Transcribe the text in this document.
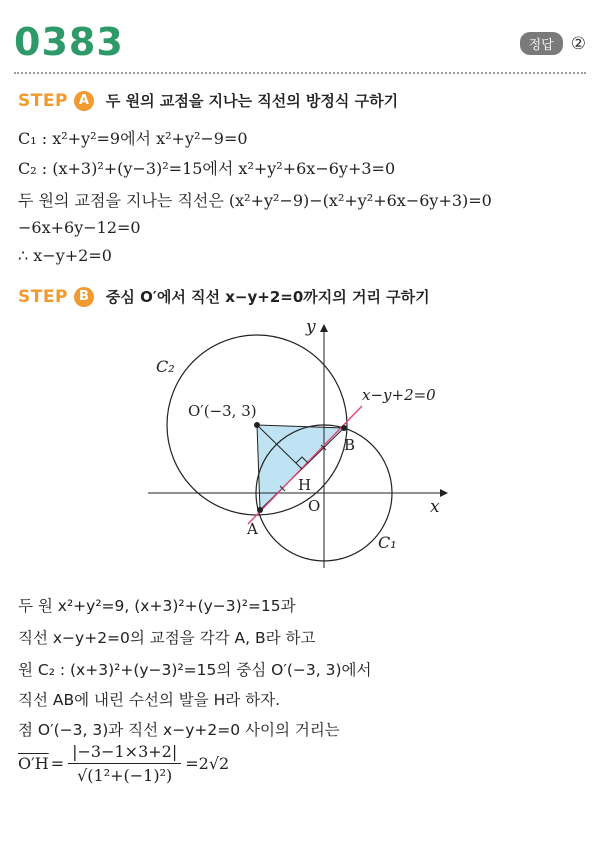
0383	정답	②
STEP A	두 원의 교점을 지나는 직선의 방정식 구하기
C₁ : x²+y²=9에서 x²+y²−9=0
C₂ : (x+3)²+(y−3)²=15에서 x²+y²+6x−6y+3=0
두 원의 교점을 지나는 직선은 (x²+y²−9)−(x²+y²+6x−6y+3)=0
−6x+6y−12=0
∴ x−y+2=0
STEP B	중심 O′에서 직선 x−y+2=0까지의 거리 구하기
C₂
C₁
O′(−3, 3)
x−y+2=0
A
B
H
O	x
y
두 원 x²+y²=9, (x+3)²+(y−3)²=15과
직선 x−y+2=0의 교점을 각각 A, B라 하고
원 C₂ : (x+3)²+(y−3)²=15의 중심 O′(−3, 3)에서
직선 AB에 내린 수선의 발을 H라 하자.
점 O′(−3, 3)과 직선 x−y+2=0 사이의 거리는
$O'H = \frac{|-3-1\times 3+2|}{\text{√(1²+(−1)²)}} =2√2$
